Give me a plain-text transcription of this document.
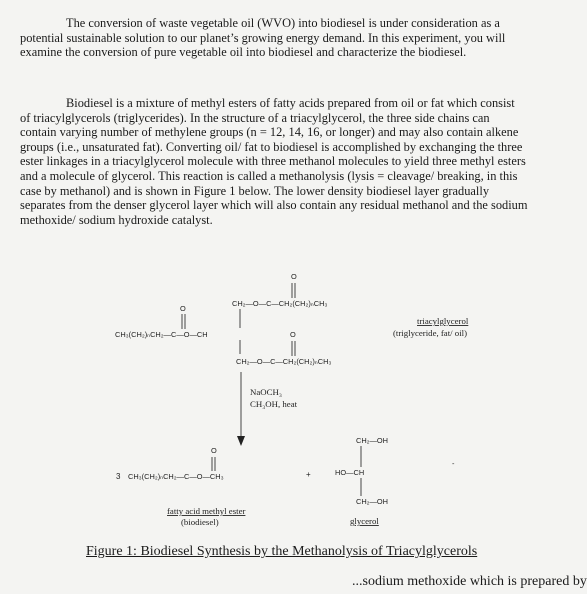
The conversion of waste vegetable oil (WVO) into biodiesel is under consideration as a potential sustainable solution to our planet’s growing energy demand. In this experiment, you will examine the conversion of pure vegetable oil into biodiesel and characterize the biodiesel.

Biodiesel is a mixture of methyl esters of fatty acids prepared from oil or fat which consist of triacylglycerols (triglycerides). In the structure of a triacylglycerol, the three side chains can contain varying number of methylene groups (n = 12, 14, 16, or longer) and may also contain alkene groups (i.e., unsaturated fat). Converting oil/ fat to biodiesel is accomplished by exchanging the three ester linkages in a triacylglycerol molecule with three methanol molecules to yield three methyl esters and a molecule of glycerol. This reaction is called a methanolysis (lysis = cleavage/ breaking, in this case by methanol) and is shown in Figure 1 below. The lower density biodiesel layer gradually separates from the denser glycerol layer which will also contain any residual methanol and the sodium methoxide/ sodium hydroxide catalyst.

O
CH₂—O—C—CH₂(CH₂)ₙCH₃
O
CH₃(CH₂)ₙCH₂—C—O—CH	O
CH₂—O—C—CH₂(CH₂)ₙCH₃
triacylglycerol
(triglyceride, fat/ oil)
NaOCH₃
CH₃OH, heat
O
3 CH₃(CH₂)ₙCH₂—C—O—CH₃	+
CH₂—OH
HO—CH
CH₂—OH
fatty acid methyl ester
(biodiesel)	glycerol
-

Figure 1: Biodiesel Synthesis by the Methanolysis of Triacylglycerols

...sodium methoxide which is prepared by
